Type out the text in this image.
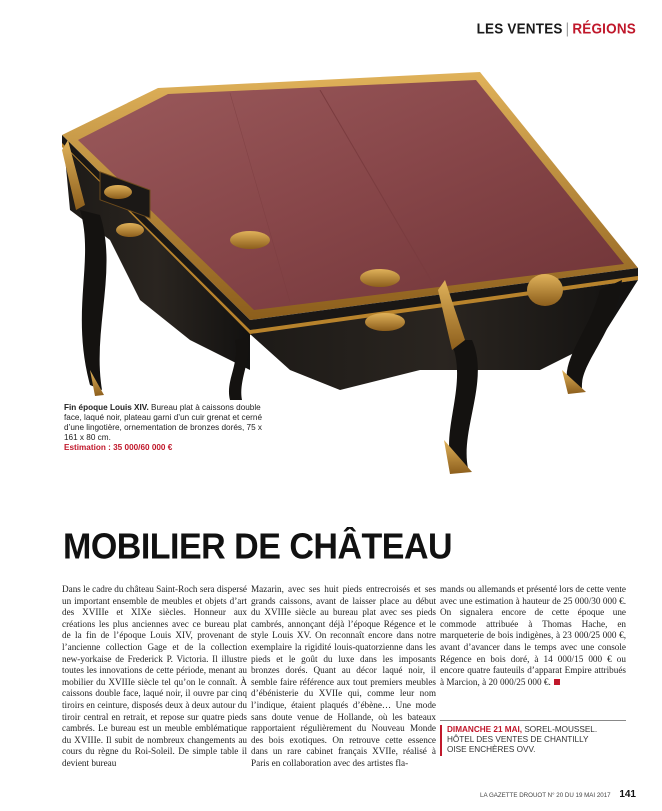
LES VENTES | RÉGIONS
Fin époque Louis XIV. Bureau plat à caissons double face, laqué noir, plateau garni d’un cuir grenat et cerné d’une lingotière, ornementation de bronzes dorés, 75 x 161 x 80 cm.
Estimation : 35 000/60 000 €
MOBILIER DE CHÂTEAU

Dans le cadre du château Saint-Roch sera dispersé un important ensemble de meubles et objets d’art des XVIIIe et XIXe siècles. Honneur aux créations les plus anciennes avec ce bureau plat de la fin de l’époque Louis XIV, provenant de l’ancienne collection Gage et de la collection new-yorkaise de Frederick P. Victoria. Il illustre toutes les innovations de cette période, menant au mobilier du XVIIIe siècle tel qu’on le connaît. À caissons double face, laqué noir, il ouvre par cinq tiroirs en ceinture, disposés deux à deux autour du tiroir central en retrait, et repose sur quatre pieds cambrés. Le bureau est un meuble emblématique du XVIIIe. Il subit de nombreux changements au cours du règne du Roi-Soleil. De simple table il devient bureau

Mazarin, avec ses huit pieds entrecroisés et ses grands caissons, avant de laisser place au début du XVIIIe siècle au bureau plat avec ses pieds cambrés, annonçant déjà l’époque Régence et le style Louis XV. On reconnaît encore dans notre exemplaire la rigidité louis-quatorzienne dans les pieds et le goût du luxe dans les imposants bronzes dorés. Quant au décor laqué noir, il semble faire référence aux tout premiers meubles d’ébénisterie du XVIIe qui, comme leur nom l’indique, étaient plaqués d’ébène… Une mode sans doute venue de Hollande, où les bateaux rapportaient régulièrement du Nouveau Monde des bois exotiques. On retrouve cette essence dans un rare cabinet français XVIIe, réalisé à Paris en collaboration avec des artistes fla-

mands ou allemands et présenté lors de cette vente avec une estimation à hauteur de 25 000/30 000 €. On signalera encore de cette époque une commode attribuée à Thomas Hache, en marqueterie de bois indigènes, à 23 000/25 000 €, avant d’avancer dans le temps avec une console Régence en bois doré, à 14 000/15 000 € ou encore quatre fauteuils d’apparat Empire attribués à Marcion, à 20 000/25 000 €.

DIMANCHE 21 MAI, SOREL-MOUSSEL.
HÔTEL DES VENTES DE CHANTILLY
OISE ENCHÈRES OVV.
LA GAZETTE DROUOT N° 20 DU 19 MAI 2017 141
